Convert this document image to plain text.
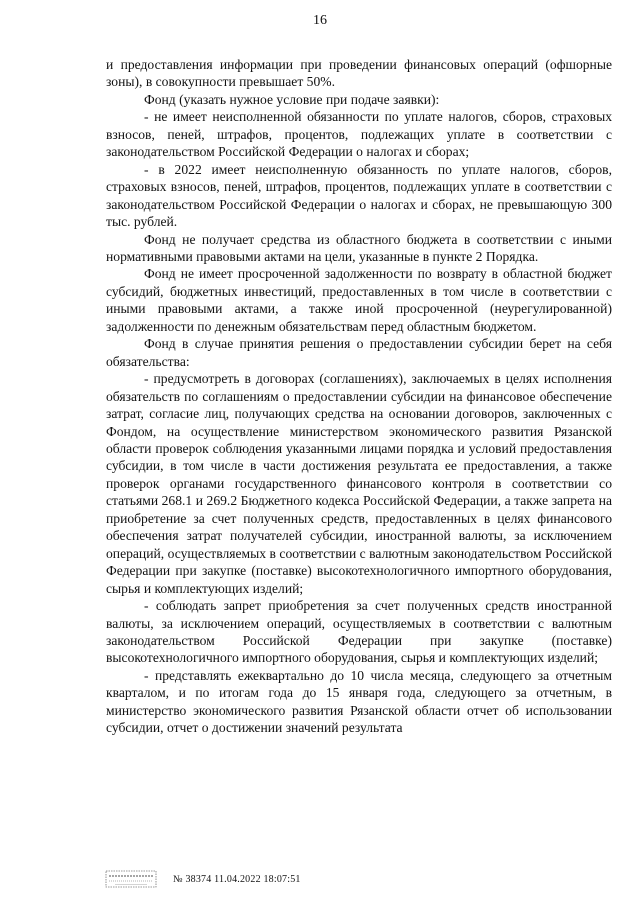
16

и предоставления информации при проведении финансовых операций (офшорные зоны), в совокупности превышает 50%.

Фонд (указать нужное условие при подаче заявки):

- не имеет неисполненной обязанности по уплате налогов, сборов, страховых взносов, пеней, штрафов, процентов, подлежащих уплате в соответствии с законодательством Российской Федерации о налогах и сборах;

- в 2022 имеет неисполненную обязанность по уплате налогов, сборов, страховых взносов, пеней, штрафов, процентов, подлежащих уплате в соответствии с законодательством Российской Федерации о налогах и сборах, не превышающую 300 тыс. рублей.

Фонд не получает средства из областного бюджета в соответствии с иными нормативными правовыми актами на цели, указанные в пункте 2 Порядка.

Фонд не имеет просроченной задолженности по возврату в областной бюджет субсидий, бюджетных инвестиций, предоставленных в том числе в соответствии с иными правовыми актами, а также иной просроченной (неурегулированной) задолженности по денежным обязательствам перед областным бюджетом.

Фонд в случае принятия решения о предоставлении субсидии берет на себя обязательства:

- предусмотреть в договорах (соглашениях), заключаемых в целях исполнения обязательств по соглашениям о предоставлении субсидии на финансовое обеспечение затрат, согласие лиц, получающих средства на основании договоров, заключенных с Фондом, на осуществление министерством экономического развития Рязанской области проверок соблюдения указанными лицами порядка и условий предоставления субсидии, в том числе в части достижения результата ее предоставления, а также проверок органами государственного финансового контроля в соответствии со статьями 268.1 и 269.2 Бюджетного кодекса Российской Федерации, а также запрета на приобретение за счет полученных средств, предоставленных в целях финансового обеспечения затрат получателей субсидии, иностранной валюты, за исключением операций, осуществляемых в соответствии с валютным законодательством Российской Федерации при закупке (поставке) высокотехнологичного импортного оборудования, сырья и комплектующих изделий;

- соблюдать запрет приобретения за счет полученных средств иностранной валюты, за исключением операций, осуществляемых в соответствии с валютным законодательством Российской Федерации при закупке (поставке) высокотехнологичного импортного оборудования, сырья и комплектующих изделий;

- представлять ежеквартально до 10 числа месяца, следующего за отчетным кварталом, и по итогам года до 15 января года, следующего за отчетным, в министерство экономического развития Рязанской области отчет об использовании субсидии, отчет о достижении значений результата

№ 38374 11.04.2022 18:07:51
